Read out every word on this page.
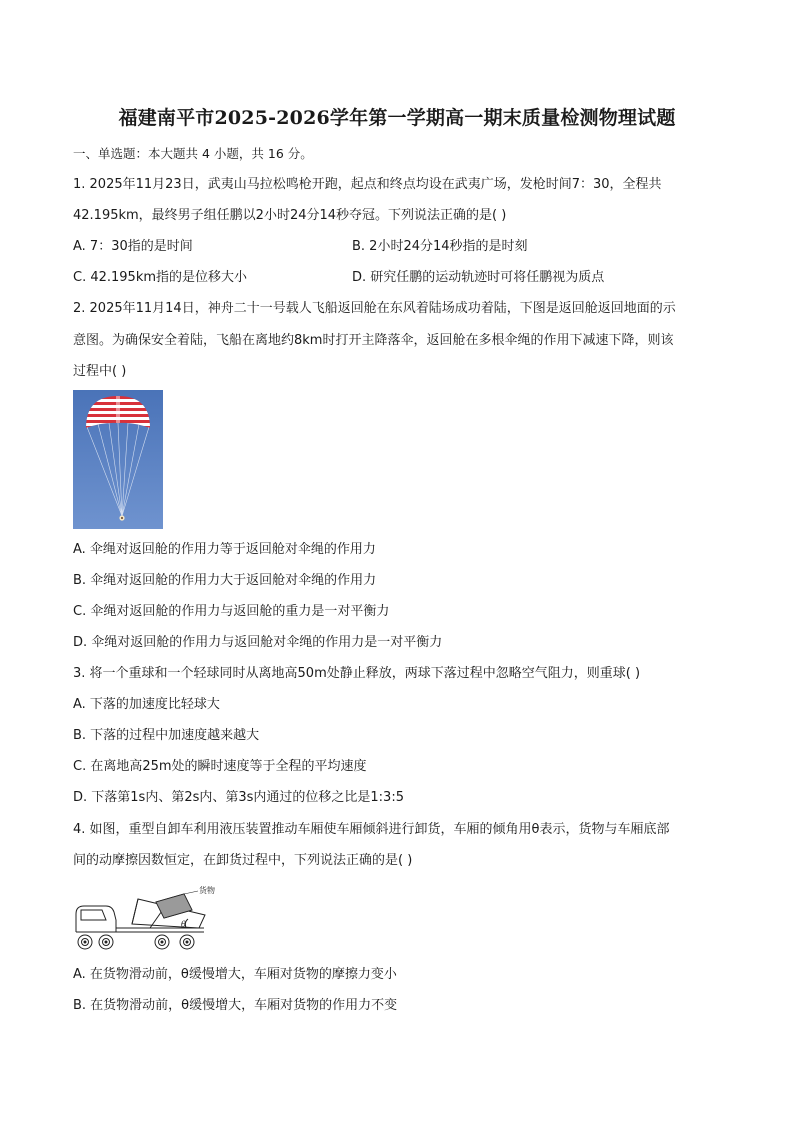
福建南平市2025-2026学年第一学期高一期末质量检测物理试题
一、单选题：本大题共 4 小题，共 16 分。
1. 2025年11月23日，武夷山马拉松鸣枪开跑，起点和终点均设在武夷广场，发枪时间7：30，全程共
42.195km，最终男子组任鹏以2小时24分14秒夺冠。下列说法正确的是( )
A. 7：30指的是时间	B. 2小时24分14秒指的是时刻
C. 42.195km指的是位移大小	D. 研究任鹏的运动轨迹时可将任鹏视为质点
2. 2025年11月14日，神舟二十一号载人飞船返回舱在东风着陆场成功着陆，下图是返回舱返回地面的示
意图。为确保安全着陆，飞船在离地约8km时打开主降落伞，返回舱在多根伞绳的作用下减速下降，则该
过程中( )
A. 伞绳对返回舱的作用力等于返回舱对伞绳的作用力
B. 伞绳对返回舱的作用力大于返回舱对伞绳的作用力
C. 伞绳对返回舱的作用力与返回舱的重力是一对平衡力
D. 伞绳对返回舱的作用力与返回舱对伞绳的作用力是一对平衡力
3. 将一个重球和一个轻球同时从离地高50m处静止释放，两球下落过程中忽略空气阻力，则重球( )
A. 下落的加速度比轻球大
B. 下落的过程中加速度越来越大
C. 在离地高25m处的瞬时速度等于全程的平均速度
D. 下落第1s内、第2s内、第3s内通过的位移之比是1:3:5
4. 如图，重型自卸车利用液压装置推动车厢使车厢倾斜进行卸货，车厢的倾角用θ表示，货物与车厢底部
间的动摩擦因数恒定，在卸货过程中，下列说法正确的是( )
货物
θ
A. 在货物滑动前，θ缓慢增大，车厢对货物的摩擦力变小
B. 在货物滑动前，θ缓慢增大，车厢对货物的作用力不变
